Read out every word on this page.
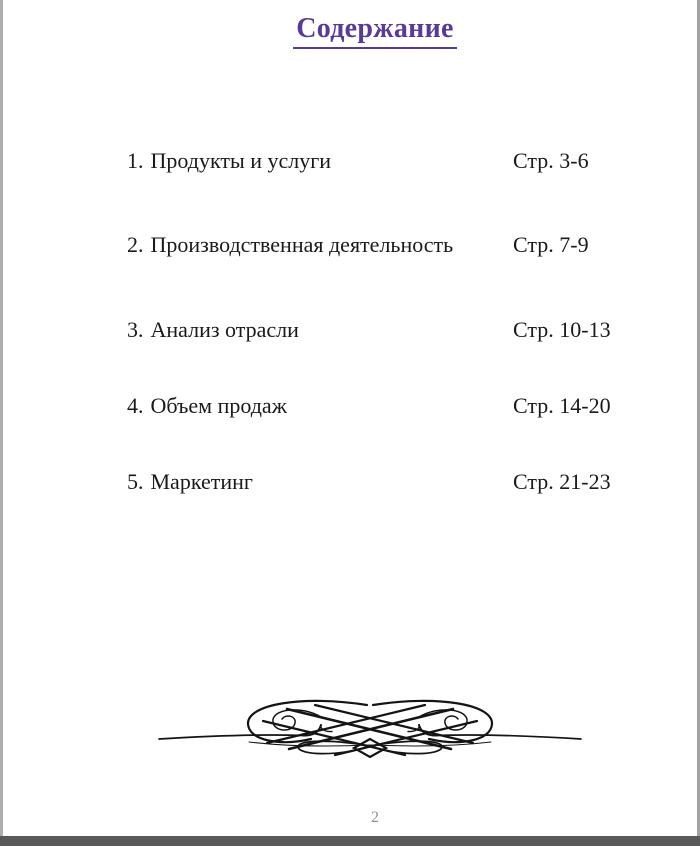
Содержание
1. Продукты и услуги	Стр. 3-6
2. Производственная деятельность	Стр. 7-9
3. Анализ отрасли	Стр. 10-13
4. Объем продаж	Стр. 14-20
5. Маркетинг	Стр. 21-23
2
